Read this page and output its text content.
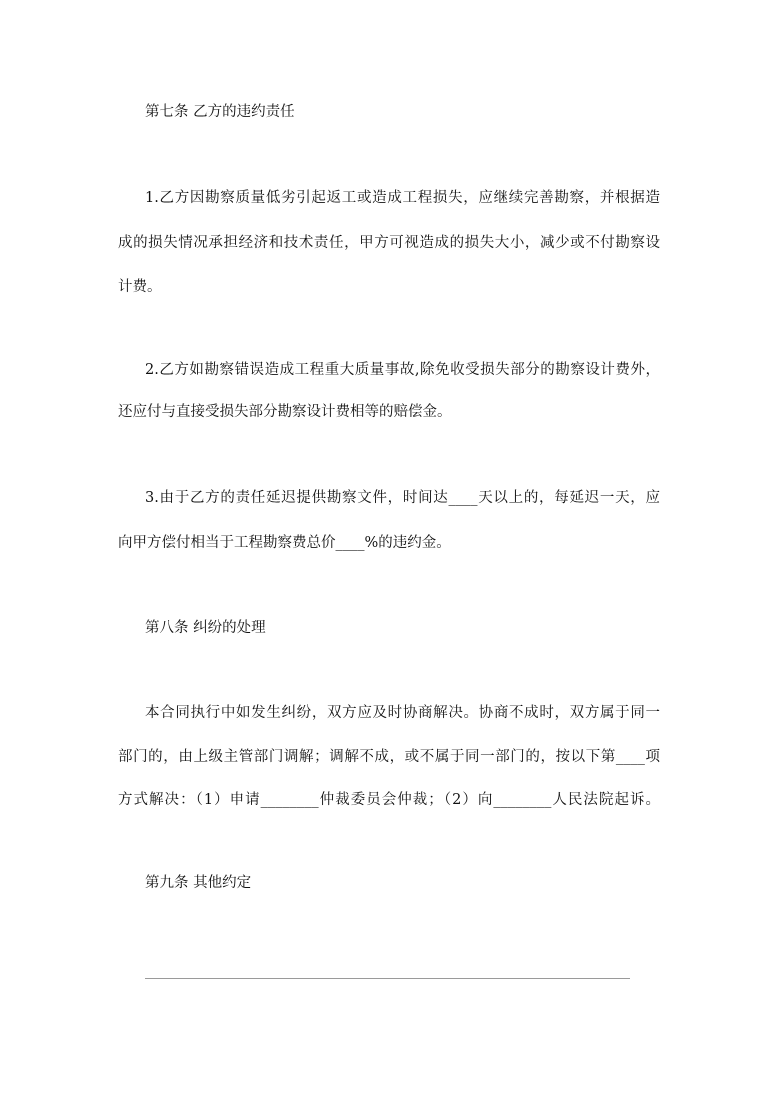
第七条 乙方的违约责任
1.乙方因勘察质量低劣引起返工或造成工程损失，应继续完善勘察，并根据造
成的损失情况承担经济和技术责任，甲方可视造成的损失大小，减少或不付勘察设
计费。
2.乙方如勘察错误造成工程重大质量事故,除免收受损失部分的勘察设计费外，
还应付与直接受损失部分勘察设计费相等的赔偿金。
3.由于乙方的责任延迟提供勘察文件，时间达____天以上的，每延迟一天，应
向甲方偿付相当于工程勘察费总价____%的违约金。
第八条 纠纷的处理
本合同执行中如发生纠纷，双方应及时协商解决。协商不成时，双方属于同一
部门的，由上级主管部门调解；调解不成，或不属于同一部门的，按以下第____项
方式解决：（1）申请________仲裁委员会仲裁；（2）向________人民法院起诉。
第九条 其他约定
